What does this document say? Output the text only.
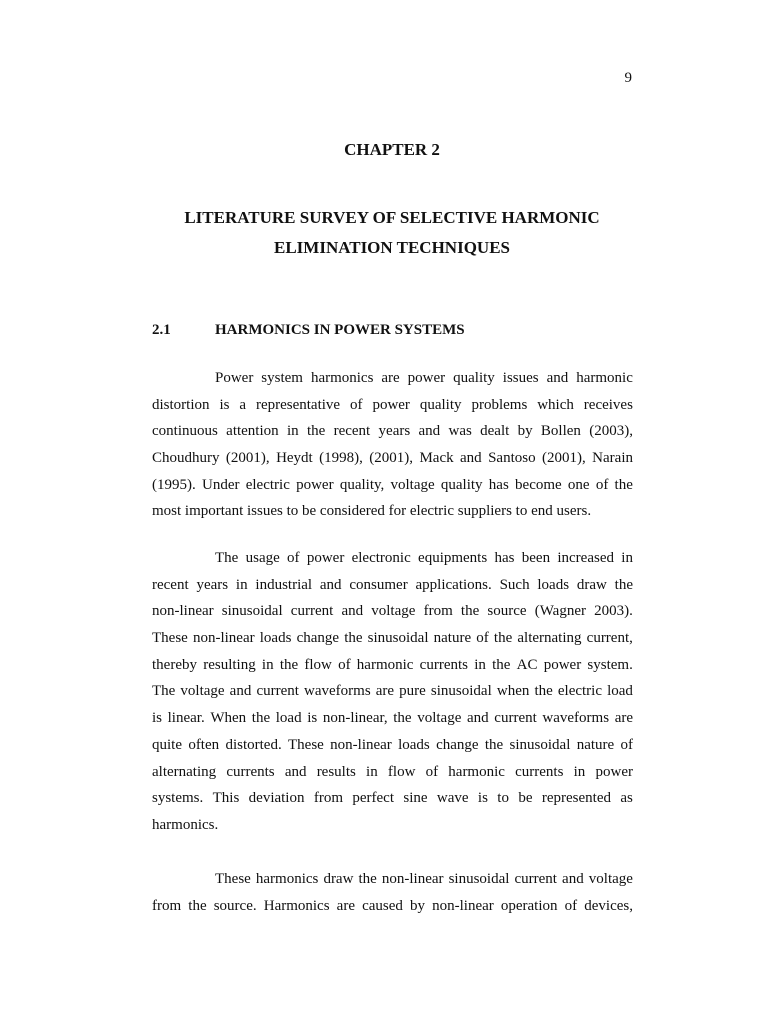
9
CHAPTER 2
LITERATURE SURVEY OF SELECTIVE HARMONIC
ELIMINATION TECHNIQUES
2.1	HARMONICS IN POWER SYSTEMS
Power system harmonics are power quality issues and harmonic
distortion is a representative of power quality problems which receives
continuous attention in the recent years and was dealt by Bollen (2003),
Choudhury (2001), Heydt (1998), (2001), Mack and Santoso (2001), Narain
(1995). Under electric power quality, voltage quality has become one of the
most important issues to be considered for electric suppliers to end users.
The usage of power electronic equipments has been increased in
recent years in industrial and consumer applications. Such loads draw the
non-linear sinusoidal current and voltage from the source (Wagner 2003).
These non-linear loads change the sinusoidal nature of the alternating current,
thereby resulting in the flow of harmonic currents in the AC power system.
The voltage and current waveforms are pure sinusoidal when the electric load
is linear. When the load is non-linear, the voltage and current waveforms are
quite often distorted. These non-linear loads change the sinusoidal nature of
alternating currents and results in flow of harmonic currents in power
systems. This deviation from perfect sine wave is to be represented as
harmonics.
These harmonics draw the non-linear sinusoidal current and voltage
from the source. Harmonics are caused by non-linear operation of devices,
